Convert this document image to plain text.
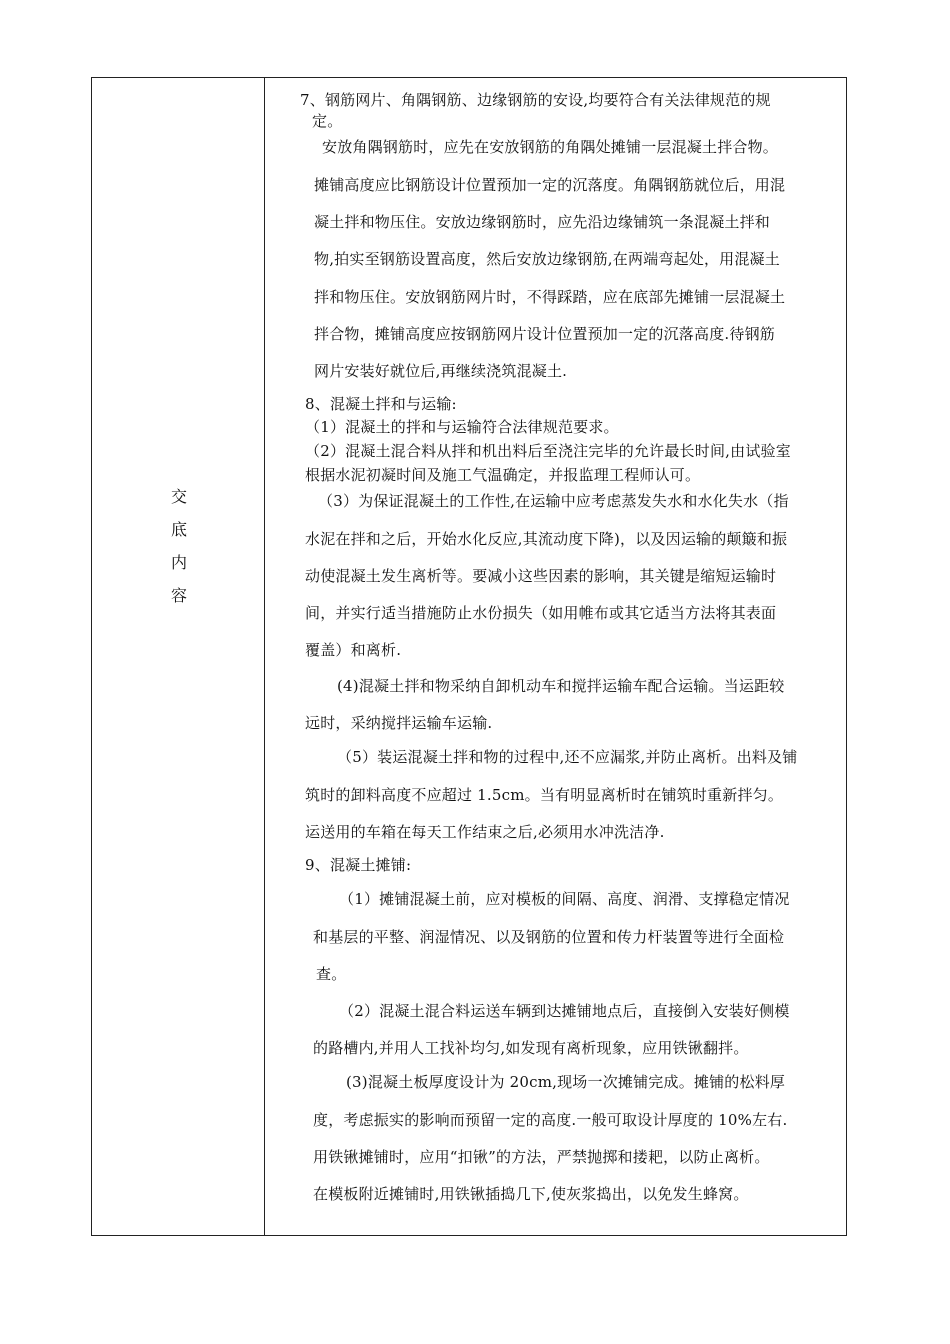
交
底
内
容
7、钢筋网片、角隅钢筋、边缘钢筋的安设,均要符合有关法律规范的规
定。
安放角隅钢筋时，应先在安放钢筋的角隅处摊铺一层混凝土拌合物。
摊铺高度应比钢筋设计位置预加一定的沉落度。角隅钢筋就位后，用混
凝土拌和物压住。安放边缘钢筋时，应先沿边缘铺筑一条混凝土拌和
物,拍实至钢筋设置高度，然后安放边缘钢筋,在两端弯起处，用混凝土
拌和物压住。安放钢筋网片时，不得踩踏，应在底部先摊铺一层混凝土
拌合物，摊铺高度应按钢筋网片设计位置预加一定的沉落高度.待钢筋
网片安装好就位后,再继续浇筑混凝土.
8、混凝土拌和与运输:
（1）混凝土的拌和与运输符合法律规范要求。
（2）混凝土混合料从拌和机出料后至浇注完毕的允许最长时间,由试验室
根据水泥初凝时间及施工气温确定，并报监理工程师认可。
（3）为保证混凝土的工作性,在运输中应考虑蒸发失水和水化失水（指
水泥在拌和之后，开始水化反应,其流动度下降)，以及因运输的颠簸和振
动使混凝土发生离析等。要减小这些因素的影响，其关键是缩短运输时
间，并实行适当措施防止水份损失（如用帷布或其它适当方法将其表面
覆盖）和离析.
(4)混凝土拌和物采纳自卸机动车和搅拌运输车配合运输。当运距较
远时，采纳搅拌运输车运输.
（5）装运混凝土拌和物的过程中,还不应漏浆,并防止离析。出料及铺
筑时的卸料高度不应超过 1.5cm。当有明显离析时在铺筑时重新拌匀。
运送用的车箱在每天工作结束之后,必须用水冲洗洁净.
9、混凝土摊铺:
（1）摊铺混凝土前，应对模板的间隔、高度、润滑、支撑稳定情况
和基层的平整、润湿情况、以及钢筋的位置和传力杆装置等进行全面检
查。
（2）混凝土混合料运送车辆到达摊铺地点后，直接倒入安装好侧模
的路槽内,并用人工找补均匀,如发现有离析现象，应用铁锹翻拌。
(3)混凝土板厚度设计为 20cm,现场一次摊铺完成。摊铺的松料厚
度，考虑振实的影响而预留一定的高度.一般可取设计厚度的 10%左右.
用铁锹摊铺时，应用“扣锹”的方法，严禁抛掷和搂耙，以防止离析。
在模板附近摊铺时,用铁锹插捣几下,使灰浆捣出，以免发生蜂窝。
